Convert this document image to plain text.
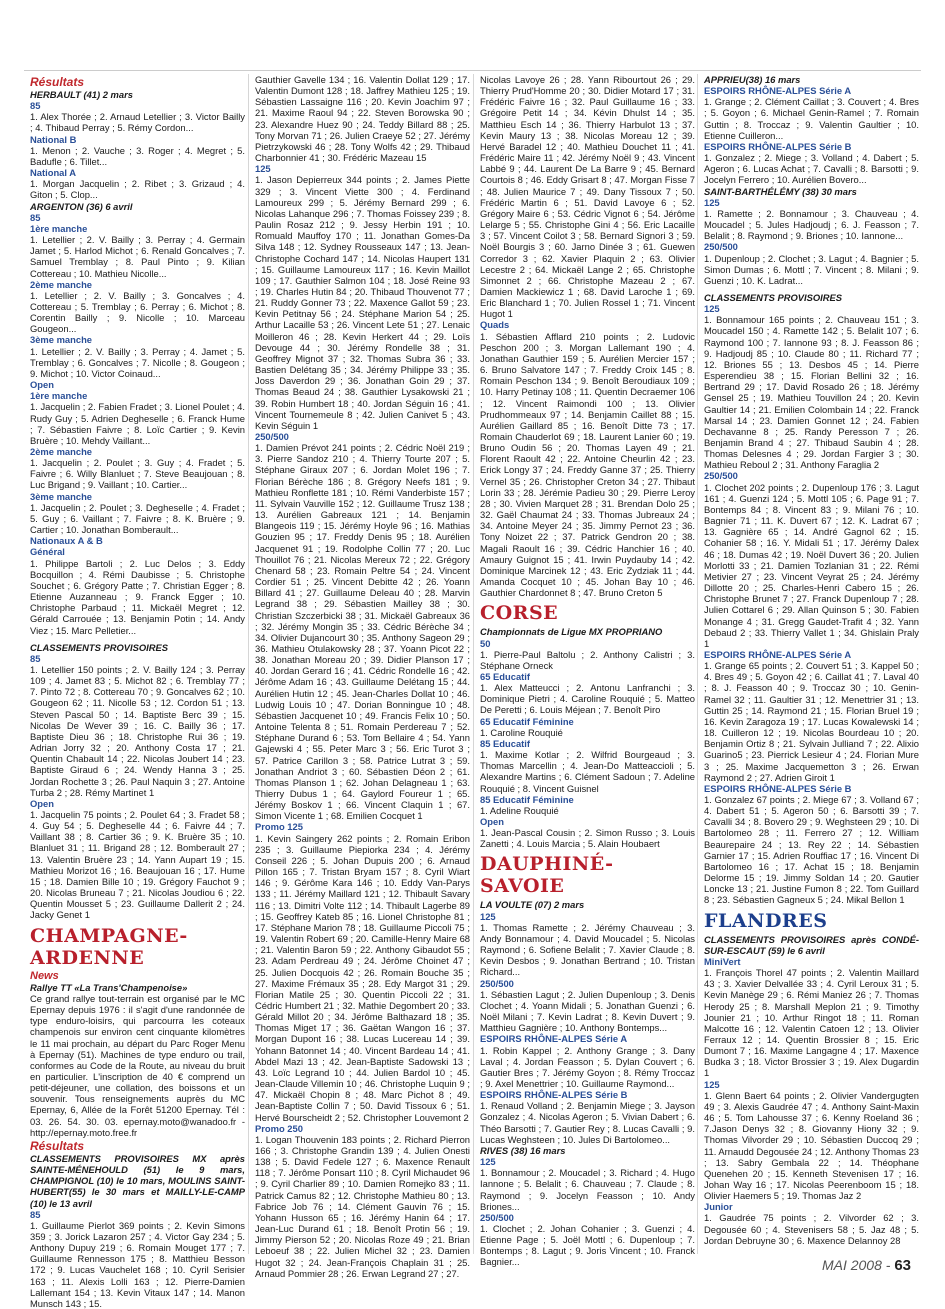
Résultats

HERBAULT (41) 2 mars

85

1. Alex Thorée ; 2. Arnaud Letellier ; 3. Victor Bailly ; 4. Thibaud Perray ; 5. Rémy Cordon...

National B

1. Menon ; 2. Vauche ; 3. Roger ; 4. Megret ; 5. Badufle ; 6. Tillet...

National A

1. Morgan Jacquelin ; 2. Ribet ; 3. Grizaud ; 4. Giton ; 5. Clop...

ARGENTON (36) 6 avril

85

1ère manche

1. Letellier ; 2. V. Bailly ; 3. Perray ; 4. Germain Jamet ; 5. Harlod Michot ; 6. Renald Goncalves ; 7. Samuel Tremblay ; 8. Paul Pinto ; 9. Kilian Cottereau ; 10. Mathieu Nicolle...

2ème manche

1. Letellier ; 2. V. Bailly ; 3. Goncalves ; 4. Cottereau ; 5. Tremblay ; 6. Perray ; 6. Michot ; 8. Corentin Bailly ; 9. Nicolle ; 10. Marceau Gougeon...

3ème manche

1. Letellier ; 2. V. Bailly ; 3. Perray ; 4. Jamet ; 5. Tremblay ; 6. Goncalves ; 7. Nicolle ; 8. Gougeon ; 9. Michot ; 10. Victor Coinaud...

Open

1ère manche

1. Jacquelin ; 2. Fabien Fradet ; 3. Lionel Poulet ; 4. Rudy Guy ; 5. Adrien Degheselle ; 6. Franck Hume ; 7. Sébastien Faivre ; 8. Loïc Cartier ; 9. Kevin Bruère ; 10. Mehdy Vaillant...

2ème manche

1. Jacquelin ; 2. Poulet ; 3. Guy ; 4. Fradet ; 5. Faivre ; 6. Willy Blanluet ; 7. Steve Beaujouan ; 8. Luc Brigand ; 9. Vaillant ; 10. Cartier...

3ème manche

1. Jacquelin ; 2. Poulet ; 3. Degheselle ; 4. Fradet ; 5. Guy ; 6. Vaillant ; 7. Faivre ; 8. K. Bruère ; 9. Cartier ; 10. Jonathan Bomberault...

Nationaux A & B

Général

1. Philippe Bartoli ; 2. Luc Delos ; 3. Eddy Bocquillon ; 4. Rémi Daubisse ; 5. Christophe Souchet ; 6. Grégory Patte ; 7. Christian Egger ; 8. Etienne Auzanneau ; 9. Franck Egger ; 10. Christophe Parbaud ; 11. Mickaël Megret ; 12. Gérald Carrouée ; 13. Benjamin Potin ; 14. Andy Viez ; 15. Marc Pelletier...

CLASSEMENTS PROVISOIRES

85

1. Letellier 150 points ; 2. V. Bailly 124 ; 3. Perray 109 ; 4. Jamet 83 ; 5. Michot 82 ; 6. Tremblay 77 ; 7. Pinto 72 ; 8. Cottereau 70 ; 9. Goncalves 62 ; 10. Gougeon 62 ; 11. Nicolle 53 ; 12. Cordon 51 ; 13. Steven Pascal 50 ; 14. Baptiste Berc 39 ; 15. Nicolas De Wever 39 ; 16. C. Bailly 36 ; 17. Baptiste Dieu 36 ; 18. Christophe Rui 36 ; 19. Adrian Jorry 32 ; 20. Anthony Costa 17 ; 21. Quentin Chabault 14 ; 22. Nicolas Joubert 14 ; 23. Baptiste Giraud 6 ; 24. Wendy Hanna 3 ; 25. Jordan Rochette 3 ; 26. Paul Naquin 3 ; 27. Antoine Turba 2 ; 28. Rémy Martinet 1

Open

1. Jacquelin 75 points ; 2. Poulet 64 ; 3. Fradet 58 ; 4. Guy 54 ; 5. Degheselle 44 ; 6. Faivre 44 ; 7. Vaillant 38 ; 8. Cartier 36 ; 9. K. Bruère 35 ; 10. Blanluet 31 ; 11. Brigand 28 ; 12. Bomberault 27 ; 13. Valentin Bruère 23 ; 14. Yann Aupart 19 ; 15. Mathieu Morizot 16 ; 16. Beaujouan 16 ; 17. Hume 15 ; 18. Damien Bille 10 ; 19. Grégory Fauchot 9 ; 20. Nicolas Bruneau 7 ; 21. Nicolas Joudiou 6 ; 22. Quentin Mousset 5 ; 23. Guillaume Dallerit 2 ; 24. Jacky Genet 1

CHAMPAGNE-ARDENNE

News

Rallye TT «La Trans'Champenoise»

Ce grand rallye tout-terrain est organisé par le MC Epernay depuis 1976 : il s'agit d'une randonnée de type enduro-loisirs, qui parcourra les coteaux champenois sur environ cent cinquante kilomètres le 11 mai prochain, au départ du Parc Roger Menu à Epernay (51). Machines de type enduro ou trail, conformes au Code de la Route, au niveau du bruit en particulier. L'inscription de 40 € comprend un petit-déjeuner, une collation, des boissons et un souvenir. Tous renseignements auprès du MC Epernay, 6, Allée de la Forêt 51200 Epernay. Tél : 03. 26. 54. 30. 03. epernay.moto@wanadoo.fr - http://epernay.moto.free.fr

Résultats

CLASSEMENTS PROVISOIRES MX après SAINTE-MÉNEHOULD (51) le 9 mars, CHAMPIGNOL (10) le 10 mars, MOULINS SAINT-HUBERT(55) le 30 mars et MAILLY-LE-CAMP (10) le 13 avril

85

1. Guillaume Pierlot 369 points ; 2. Kevin Simons 359 ; 3. Jorick Lazaron 257 ; 4. Victor Gay 234 ; 5. Anthony Dupuy 219 ; 6. Romain Mouget 177 ; 7. Guillaume Rennesson 175 ; 8. Matthieu Besson 172 ; 9. Lucas Vauchelet 168 ; 10. Cyril Serisier 163 ; 11. Alexis Lolli 163 ; 12. Pierre-Damien Lallemant 154 ; 13. Kevin Vitaux 147 ; 14. Manon Munsch 143 ; 15.

Gauthier Gavelle 134 ; 16. Valentin Dollat 129 ; 17. Valentin Dumont 128 ; 18. Jaffrey Mathieu 125 ; 19. Sébastien Lassaigne 116 ; 20. Kevin Joachim 97 ; 21. Maxime Raoul 94 ; 22. Steven Borowska 90 ; 23. Alexandre Huez 90 ; 24. Teddy Billard 88 ; 25. Tony Morvan 71 ; 26. Julien Craeye 52 ; 27. Jérémy Pietrzykowski 46 ; 28. Tony Wolfs 42 ; 29. Thibaud Charbonnier 41 ; 30. Frédéric Mazeau 15

125

1. Jason Depierreux 344 points ; 2. James Piette 329 ; 3. Vincent Viette 300 ; 4. Ferdinand Lamoureux 299 ; 5. Jérémy Bernard 299 ; 6. Nicolas Lahanque 296 ; 7. Thomas Foissey 239 ; 8. Paulin Rosaz 212 ; 9. Jessy Herbin 191 ; 10. Romuald Mauffoy 170 ; 11. Jonathan Gomes-Da Silva 148 ; 12. Sydney Rousseaux 147 ; 13. Jean-Christophe Cochard 147 ; 14. Nicolas Haupert 131 ; 15. Guillaume Lamoureux 117 ; 16. Kevin Maillot 109 ; 17. Gauthier Salmon 104 ; 18. José Reine 93 ; 19. Charles Hutin 84 ; 20. Thibaud Thouvenot 77 ; 21. Ruddy Gonner 73 ; 22. Maxence Gallot 59 ; 23. Kevin Petitnay 56 ; 24. Stéphane Marion 54 ; 25. Arthur Lacaille 53 ; 26. Vincent Lete 51 ; 27. Lenaic Moilleron 46 ; 28. Kevin Herkert 44 ; 29. Loïs Devouge 44 ; 30. Jérémy Rondelle 38 ; 31. Geoffrey Mignot 37 ; 32. Thomas Subra 36 ; 33. Bastien Delétang 35 ; 34. Jérémy Philippe 33 ; 35. Joss Daverdon 29 ; 36. Jonathan Goin 29 ; 37. Thomas Beaud 24 ; 38. Gauthier Lysakowski 21 ; 39. Robin Humbert 18 ; 40. Jordan Séguin 16 ; 41. Vincent Tournemeule 8 ; 42. Julien Canivet 5 ; 43. Kevin Séguin 1

250/500

1. Damien Prévot 241 points ; 2. Cédric Noël 219 ; 3. Pierre Sandoz 210 ; 4. Thierry Tourte 207 ; 5. Stéphane Giraux 207 ; 6. Jordan Molet 196 ; 7. Florian Bérèche 186 ; 8. Grégory Neefs 181 ; 9. Mathieu Ronflette 181 ; 10. Rémi Vanderbiste 157 ; 11. Sylvain Vauville 152 ; 12. Guillaume Trusz 138 ; 13. Aurélien Gabreaux 121 ; 14. Benjamin Blangeois 119 ; 15. Jérémy Hoyle 96 ; 16. Mathias Gouzien 95 ; 17. Freddy Denis 95 ; 18. Aurélien Jacquenet 91 ; 19. Rodolphe Collin 77 ; 20. Luc Thouillot 76 ; 21. Nicolas Mereux 72 ; 22. Grégory Chenard 58 ; 23. Romain Peltre 54 ; 24. Vincent Cordier 51 ; 25. Vincent Debitte 42 ; 26. Yoann Billard 41 ; 27. Guillaume Deleau 40 ; 28. Marvin Legrand 38 ; 29. Sébastien Mailley 38 ; 30. Christian Szczerbicki 38 ; 31. Mickaël Gabreaux 36 ; 32. Jérémy Mongin 35 ; 33. Cédric Bérèche 34 ; 34. Olivier Dujancourt 30 ; 35. Anthony Sageon 29 ; 36. Mathieu Otulakowsky 28 ; 37. Yoann Picot 22 ; 38. Jonathan Moreau 20 ; 39. Didier Planson 17 ; 40. Jordan Gerard 16 ; 41. Cédric Rondelle 16 ; 42. Jérôme Adam 16 ; 43. Guillaume Delétang 15 ; 44. Aurélien Hutin 12 ; 45. Jean-Charles Dollat 10 ; 46. Ludwig Louis 10 ; 47. Dorian Bonningue 10 ; 48. Sébastien Jacquenet 10 ; 49. Francis Felix 10 ; 50. Antoine Telenta 8 ; 51. Romain Perdereau 7 ; 52. Stéphane Durand 6 ; 53. Tom Bellaire 4 ; 54. Yann Gajewski 4 ; 55. Peter Marc 3 ; 56. Eric Turot 3 ; 57. Patrice Carillon 3 ; 58. Patrice Lutrat 3 ; 59. Jonathan Andriot 3 ; 60. Sébastien Déon 2 ; 61. Thomas Planson 1 ; 62. Johan Delagneau 1 ; 63. Thierry Dubus 1 ; 64. Gaylord Foureur 1 ; 65. Jérémy Boskov 1 ; 66. Vincent Claquin 1 ; 67. Simon Vicente 1 ; 68. Emilien Cocquet 1

Promo 125

1. Kevin Saingery 262 points ; 2. Romain Eribon 235 ; 3. Guillaume Piepiorka 234 ; 4. Jérémy Conseil 226 ; 5. Johan Dupuis 200 ; 6. Arnaud Pillon 165 ; 7. Tristan Bryam 157 ; 8. Cyril Wiart 146 ; 9. Gérôme Kara 146 ; 10. Eddy Van-Parys 133 ; 11. Jérémy Maillard 121 ; 12. Thibault Savary 116 ; 13. Dimitri Volte 112 ; 14. Thibault Lagerbe 89 ; 15. Geoffrey Kateb 85 ; 16. Lionel Christophe 81 ; 17. Stéphane Marion 78 ; 18. Guillaume Piccoli 75 ; 19. Valentin Robert 69 ; 20. Camille-Henry Maire 68 ; 21. Valentin Baron 59 ; 22. Anthony Gibaudot 55 ; 23. Adam Perdreau 49 ; 24. Jérôme Choinet 47 ; 25. Julien Docquois 42 ; 26. Romain Bouche 35 ; 27. Maxime Frémaux 35 ; 28. Edy Margot 31 ; 29. Florian Matile 25 ; 30. Quentin Piccoli 22 ; 31. Cédric Humbert 21 ; 32. Mathie Degombert 20 ; 33. Gérald Millot 20 ; 34. Jérôme Balthazard 18 ; 35. Thomas Miget 17 ; 36. Gaëtan Wangon 16 ; 37. Morgan Dupont 16 ; 38. Lucas Lucereau 14 ; 39. Yohann Batonnet 14 ; 40. Vincent Bardeau 14 ; 41. Abdel Mazi 13 ; 42. Jean-Baptiste Sadowski 13 ; 43. Loïc Legrand 10 ; 44. Julien Bardol 10 ; 45. Jean-Claude Villemin 10 ; 46. Christophe Luquin 9 ; 47. Mickaël Chopin 8 ; 48. Marc Pichot 8 ; 49. Jean-Baptiste Collin 7 ; 50. David Tissoux 6 ; 51. Hervé Bourscheidt 2 ; 52. Christopher Louvemont 2

Promo 250

1. Logan Thouvenin 183 points ; 2. Richard Pierron 166 ; 3. Christophe Grandin 139 ; 4. Julien Onesti 138 ; 5. David Fedele 127 ; 6. Maxence Renault 118 ; 7. Jérôme Ponsart 110 ; 8. Cyril Michaudet 96 ; 9. Cyril Charlier 89 ; 10. Damien Romejko 83 ; 11. Patrick Camus 82 ; 12. Christophe Mathieu 80 ; 13. Fabrice Job 76 ; 14. Clément Gauvin 76 ; 15. Yohann Husson 65 ; 16. Jérémy Hanin 64 ; 17. Jean-Luc Durand 61 ; 18. Benoît Protin 56 ; 19. Jimmy Pierson 52 ; 20. Nicolas Roze 49 ; 21. Brian Leboeuf 38 ; 22. Julien Michel 32 ; 23. Damien Hugot 32 ; 24. Jean-François Chaplain 31 ; 25. Arnaud Pommier 28 ; 26. Erwan Legrand 27 ; 27.

Nicolas Lavoye 26 ; 28. Yann Ribourtout 26 ; 29. Thierry Prud'Homme 20 ; 30. Didier Motard 17 ; 31. Frédéric Faivre 16 ; 32. Paul Guillaume 16 ; 33. Grégoire Petit 14 ; 34. Kévin Dhulst 14 ; 35. Matthieu Esch 14 ; 36. Thierry Harbulot 13 ; 37. Kevin Maury 13 ; 38. Nicolas Moreau 12 ; 39. Hervé Baradel 12 ; 40. Mathieu Douchet 11 ; 41. Frédéric Maire 11 ; 42. Jérémy Noël 9 ; 43. Vincent Labbé 9 ; 44. Laurent De La Barre 9 ; 45. Bernard Courtois 8 ; 46. Eddy Grisart 8 ; 47. Morgan Fisse 7 ; 48. Julien Maurice 7 ; 49. Dany Tissoux 7 ; 50. Frédéric Martin 6 ; 51. David Lavoye 6 ; 52. Grégory Maire 6 ; 53. Cédric Vignot 6 ; 54. Jérôme Lelarge 5 ; 55. Christophe Gini 4 ; 56. Eric Lacaille 3 ; 57. Vincent Coilot 3 ; 58. Bernard Signori 3 ; 59. Noël Bourgis 3 ; 60. Jarno Dinée 3 ; 61. Guewen Corredor 3 ; 62. Xavier Plaquin 2 ; 63. Olivier Lecestre 2 ; 64. Mickaël Lange 2 ; 65. Christophe Simonnet 2 ; 66. Christophe Mazeau 2 ; 67. Damien Mackiewicz 1 ; 68. David Laroche 1 ; 69. Eric Blanchard 1 ; 70. Julien Rossel 1 ; 71. Vincent Hugot 1

Quads

1. Sébastien Afflard 210 points ; 2. Ludovic Peschon 200 ; 3. Morgan Lallemant 190 ; 4. Jonathan Gauthier 159 ; 5. Aurélien Mercier 157 ; 6. Bruno Salvatore 147 ; 7. Freddy Croix 145 ; 8. Romain Peschon 134 ; 9. Benoît Beroudiaux 109 ; 10. Harry Petinay 108 ; 11. Quentin Decraemer 106 ; 12. Vincent Raimondi 100 ; 13. Olivier Prudhommeaux 97 ; 14. Benjamin Caillet 88 ; 15. Aurélien Gaillard 85 ; 16. Benoît Ditte 73 ; 17. Romain Chauderlot 69 ; 18. Laurent Lanier 60 ; 19. Bruno Oudin 56 ; 20. Thomas Layen 49 ; 21. Florent Raoult 42 ; 22. Antoine Cheurlin 42 ; 23. Erick Longy 37 ; 24. Freddy Ganne 37 ; 25. Thierry Vernel 35 ; 26. Christopher Creton 34 ; 27. Thibaut Lorin 33 ; 28. Jérémie Padieu 30 ; 29. Pierre Leroy 28 ; 30. Vivien Marquet 28 ; 31. Brendan Dolo 25 ; 32. Gaël Chaumat 24 ; 33. Thomas Jubreaux 24 ; 34. Antoine Meyer 24 ; 35. Jimmy Pernot 23 ; 36. Tony Noizet 22 ; 37. Patrick Gendron 20 ; 38. Magali Raoult 16 ; 39. Cédric Hanchier 16 ; 40. Amaury Guignot 15 ; 41. Irwin Puydauby 14 ; 42. Dominique Marcinek 12 ; 43. Eric Zydziak 11 ; 44. Amanda Cocquet 10 ; 45. Johan Bay 10 ; 46. Gauthier Chardonnet 8 ; 47. Bruno Creton 5

CORSE

Championnats de Ligue MX PROPRIANO

50

1. Pierre-Paul Baltolu ; 2. Anthony Calistri ; 3. Stéphane Orneck

65 Educatif

1. Alex Matteucci ; 2. Antonu Lanfranchi ; 3. Dominique Pietri ; 4. Caroline Rouquié ; 5. Matteo De Peretti ; 6. Louis Méjean ; 7. Benoît Piro

65 Educatif Féminine

1. Caroline Rouquié

85 Educatif

1. Maxime Kotlar ; 2. Wilfrid Bourgeaud ; 3. Thomas Marcellin ; 4. Jean-Do Matteaccioli ; 5. Alexandre Martins ; 6. Clément Sadoun ; 7. Adeline Rouquié ; 8. Vincent Guisnel

85 Educatif Féminine

1. Adeline Rouquié

Open

1. Jean-Pascal Cousin ; 2. Simon Russo ; 3. Louis Zanetti ; 4. Louis Marcia ; 5. Alain Houbaert

DAUPHINÉ-SAVOIE

LA VOULTE (07) 2 mars

125

1. Thomas Ramette ; 2. Jérémy Chauveau ; 3. Andy Bonnamour ; 4. David Moucadel ; 5. Nicolas Raymond ; 6. Sofiene Belalit ; 7. Xavier Claude ; 8. Kevin Desbos ; 9. Jonathan Bertrand ; 10. Tristan Richard...

250/500

1. Sébastien Lagut ; 2. Julien Dupenloup ; 3. Denis Clochet ; 4. Yoann Midali ; 5. Jonathan Guenzi ; 6. Noël Milani ; 7. Kevin Ladrat ; 8. Kevin Duvert ; 9. Matthieu Gagnière ; 10. Anthony Bontemps...

ESPOIRS RHÔNE-ALPES Série A

1. Robin Kappel ; 2. Anthony Grange ; 3. Dany Laval ; 4. Jordan Feasson ; 5. Dylan Couvert ; 6. Gautier Bres ; 7. Jérémy Goyon ; 8. Rémy Troccaz ; 9. Axel Menettrier ; 10. Guillaume Raymond...

ESPOIRS RHÔNE-ALPES Série B

1. Renaud Volland ; 2. Benjamin Miege ; 3. Jayson Gonzalez ; 4. Nicolas Ageron ; 5. Vivian Dabert ; 6. Théo Barsotti ; 7. Gautier Rey ; 8. Lucas Cavalli ; 9. Lucas Weghsteen ; 10. Jules Di Bartolomeo...

RIVES (38) 16 mars

125

1. Bonnamour ; 2. Moucadel ; 3. Richard ; 4. Hugo Iannone ; 5. Belalit ; 6. Chauveau ; 7. Claude ; 8. Raymond ; 9. Jocelyn Feasson ; 10. Andy Briones...

250/500

1. Clochet ; 2. Johan Cohanier ; 3. Guenzi ; 4. Etienne Page ; 5. Joël Mottl ; 6. Dupenloup ; 7. Bontemps ; 8. Lagut ; 9. Joris Vincent ; 10. Franck Bagnier...

APPRIEU(38) 16 mars

ESPOIRS RHÔNE-ALPES Série A

1. Grange ; 2. Clément Caillat ; 3. Couvert ; 4. Bres ; 5. Goyon ; 6. Michael Genin-Ramel ; 7. Romain Guttin ; 8. Troccaz ; 9. Valentin Gaultier ; 10. Etienne Cuilleron...

ESPOIRS RHÔNE-ALPES Série B

1. Gonzalez ; 2. Miege ; 3. Volland ; 4. Dabert ; 5. Ageron ; 6. Lucas Achat ; 7. Cavalli ; 8. Barsotti ; 9. Jocelyn Ferrero ; 10. Aurélien Bovero...

SAINT-BARTHÉLÉMY (38) 30 mars

125

1. Ramette ; 2. Bonnamour ; 3. Chauveau ; 4. Moucadel ; 5. Jules Hadjoudj ; 6. J. Feasson ; 7. Belalit ; 8. Raymond ; 9. Briones ; 10. Iannone...

250/500

1. Dupenloup ; 2. Clochet ; 3. Lagut ; 4. Bagnier ; 5. Simon Dumas ; 6. Mottl ; 7. Vincent ; 8. Milani ; 9. Guenzi ; 10. K. Ladrat...

CLASSEMENTS PROVISOIRES

125

1. Bonnamour 165 points ; 2. Chauveau 151 ; 3. Moucadel 150 ; 4. Ramette 142 ; 5. Belalit 107 ; 6. Raymond 100 ; 7. Iannone 93 ; 8. J. Feasson 86 ; 9. Hadjoudj 85 ; 10. Claude 80 ; 11. Richard 77 ; 12. Briones 55 ; 13. Desbos 45 ; 14. Pierre Esperendieu 38 ; 15. Florian Bellini 32 ; 16. Bertrand 29 ; 17. David Rosado 26 ; 18. Jérémy Gensel 25 ; 19. Mathieu Touvillon 24 ; 20. Kevin Gaultier 14 ; 21. Emilien Colombain 14 ; 22. Franck Marsal 14 ; 23. Damien Gonnet 12 ; 24. Fabien Dechavanne 8 ; 25. Randy Peresson 7 ; 26. Benjamin Brand 4 ; 27. Thibaud Saubin 4 ; 28. Thomas Delesnes 4 ; 29. Jordan Fargier 3 ; 30. Mathieu Reboul 2 ; 31. Anthony Faraglia 2

250/500

1. Clochet 202 points ; 2. Dupenloup 176 ; 3. Lagut 161 ; 4. Guenzi 124 ; 5. Mottl 105 ; 6. Page 91 ; 7. Bontemps 84 ; 8. Vincent 83 ; 9. Milani 76 ; 10. Bagnier 71 ; 11. K. Duvert 67 ; 12. K. Ladrat 67 ; 13. Gagnière 65 ; 14. André Gagnol 62 ; 15. Cohanier 58 ; 16. Y. Midali 51 ; 17. Jérémy Dalex 46 ; 18. Dumas 42 ; 19. Noël Duvert 36 ; 20. Julien Morlotti 33 ; 21. Damien Tozlanian 31 ; 22. Rémi Metivier 27 ; 23. Vincent Veyrat 25 ; 24. Jérémy Dillotte 20 ; 25. Charles-Henri Cabero 15 ; 26. Christophe Brunet 7 ; 27. Franck Dupenloup 7 ; 28. Julien Cottarel 6 ; 29. Allan Quinson 5 ; 30. Fabien Monange 4 ; 31. Gregg Gaudet-Trafit 4 ; 32. Yann Debaud 2 ; 33. Thierry Vallet 1 ; 34. Ghislain Praly 1

ESPOIRS RHÔNE-ALPES Série A

1. Grange 65 points ; 2. Couvert 51 ; 3. Kappel 50 ; 4. Bres 49 ; 5. Goyon 42 ; 6. Caillat 41 ; 7. Laval 40 ; 8. J. Feasson 40 ; 9. Troccaz 30 ; 10. Genin-Ramel 32 ; 11. Gaultier 31 ; 12. Menettrier 31 ; 13. Guttin 25 ; 14. Raymond 21 ; 15. Florian Bruel 19 ; 16. Kevin Zaragoza 19 ; 17. Lucas Kowalewski 14 ; 18. Cuilleron 12 ; 19. Nicolas Bourdeau 10 ; 20. Benjamin Ortiz 8 ; 21. Sylvain Julliand 7 ; 22. Alixio Guarino5 ; 23. Pierrick Lesieur 4 ; 24. Florian Mure 3 ; 25. Maxime Jacquemetton 3 ; 26. Erwan Raymond 2 ; 27. Adrien Giroit 1

ESPOIRS RHÔNE-ALPES Série B

1. Gonzalez 67 points ; 2. Miege 67 ; 3. Volland 67 ; 4. Dabert 51 ; 5. Ageron 50 ; 6. Barsotti 39 ; 7. Cavalli 34 ; 8. Bovero 29 ; 9. Weghsteen 29 ; 10. Di Bartolomeo 28 ; 11. Ferrero 27 ; 12. William Beaurepaire 24 ; 13. Rey 22 ; 14. Sébastien Garnier 17 ; 15. Adrien Rouffiac 17 ; 16. Vincent Di Bartolomeo 16 ; 17. Achat 15 ; 18. Benjamin Delorme 15 ; 19. Jimmy Soldan 14 ; 20. Gautier Loncke 13 ; 21. Justine Fumon 8 ; 22. Tom Guillard 8 ; 23. Sébastien Gagneux 5 ; 24. Mikal Bellon 1

FLANDRES

CLASSEMENTS PROVISOIRES après CONDÉ-SUR-ESCAUT (59) le 6 avril

MiniVert

1. François Thorel 47 points ; 2. Valentin Maillard 43 ; 3. Xavier Delvallée 33 ; 4. Cyril Leroux 31 ; 5. Kevin Manège 29 ; 6. Rémi Maniez 26 ; 7. Thomas Herody 25 ; 8. Marshall Meplon 21 ; 9. Timothy Jounier 21 ; 10. Arthur Ringot 18 ; 11. Roman Malcotte 16 ; 12. Valentin Catoen 12 ; 13. Olivier Ferraux 12 ; 14. Quentin Brossier 8 ; 15. Eric Dumont 7 ; 16. Maxime Langagne 4 ; 17. Maxence Budka 3 ; 18. Victor Brossier 3 ; 19. Alex Dugardin 1

125

1. Glenn Baert 64 points ; 2. Olivier Vandergugten 49 ; 3. Alexis Gaudrée 47 ; 4. Anthony Saint-Maxin 46 ; 5. Tom Lahousse 37 ; 6. Kenny Roeland 36 ; 7.Jason Denys 32 ; 8. Giovanny Hiony 32 ; 9. Thomas Vilvorder 29 ; 10. Sébastien Duccoq 29 ; 11. Arnaudd Degousée 24 ; 12. Anthony Thomas 23 ; 13. Sabry Gembala 22 ; 14. Théophane Quenehen 20 ; 15. Kenneth Stevenisen 17 ; 16. Johan Way 16 ; 17. Nicolas Peerenboom 15 ; 18. Olivier Haemers 5 ; 19. Thomas Jaz 2

Junior

1. Gaudrée 75 points ; 2. Vilvorder 62 ; 3. Degousée 60 ; 4. Stevenisers 58 ; 5. Jaz 48 ; 5. Jordan Debruyne 30 ; 6. Maxence Delannoy 28

MAI 2008 - 63
